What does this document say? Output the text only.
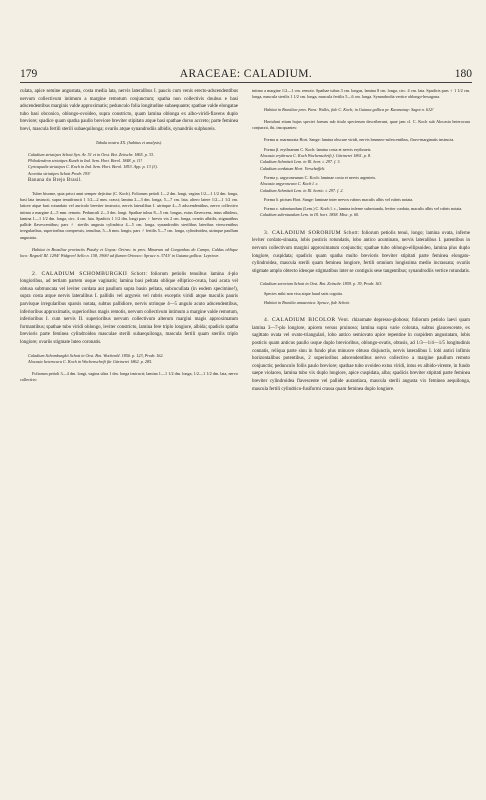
179	ARACEAE: CALADIUM.	180

culata, apice semine angustata, costa media lata, nervis lateralibus I. paucis cum venis erecto-adscendentibus nervum collectivum intimum a margine remotum conjunctum; spatha non collectivis doubus e basi adscendentibus marginis valde approximatis; pedunculo folia longitudine subaequante; spathae valde elongatae tubo basi obconico, oblongo-ovoideo, supra constricto, quam lamina oblonga ex albo-viridi-flavens duplo breviore; spadice quam spatha paullo breviore breviter stipitato atque basi spathae dorso accreto; parte feminea brevi, mascula fertili sterili subaequilonga; ovariis atque synandrodiis albidis, synandriis sulphureis.

Tabula nostra XX. (habitus et analysis).

Caladium striatipes Schott Syn. Ar. 51 et in Oest. Bot. Zeitschr. 1865. p. 33.

Philodendron striatipes Kunth in Ind. Sem. Hort. Berol. 1848. p. 11!

Cyrtospadix striatipes C. Koch in Ind. Sem. Hort. Berol. 1853. App. p. 13 (3).

Aconitia striatipes Schott Prodr. 193!

Banana do Brejo Brasil.

Tuber bisome, quia prisci anni semper dejicitur (C. Koch). Foliorum petioli 1—2 dm. longi, vagina 1/2—1 1/2 dm. longa, basi lata instructi, supra tenuifrancii 1 1/2—2 mm. crassi; lamina 2—3 dm. longa, 5—7 cm. lata, altero latere 1/2—1 1/2 cm. latiore atque basi rotundato vel auriculo breviter instructo, nervis lateralibus I. utrinque 4—5 adscendentibus, nervo collectivo intimo a margine 4—5 mm. remoto. Pedunculi 2—3 dm. longi. Spathae tubus 8—5 cm. longus, extus flavescens, intus albideus, lamina 1—1 1/2 dm. longa, circ. 4 cm. lata. Spadicis 1 1/2 dm. longi pars ♀ brevis vix 2 cm. longa, ovariis albidis, stigmatibus pallide flavescentibus; pars ♂ sterilis angusta cylindrica 4—5 cm. longa, synandrodiis sterilibus lateribus virescentibus irregularibus, superioribus compressis, tenuibus, 5—6 mm. longis; pars ♂ fertilis 5—7 cm. longa, cylindroidea, utrinque paullum angustata.

Habitat in Brasiliae provinciis Piauhy et Goyaz: Oeiras: in prov. Minarum ad Congonhas do Campo, Caldas oblique loco: Regnell III. 1294! Widgren! Sello n. 158, 1906! ad flumen Orinoco: Spruce n. 3741! in Guiana gallica: Leprieur.

2. CALADIUM SCHOMBURGKII Schott: foliorum petiolis tenuibus lamina 4-plo longioribus, ad tertiam partem usque vaginatis; lamina basi peltata oblique elliptico-ovata, basi acuta vel obtusa subtruncata vel leviter cordata aut paullum supra basin peltata, subcucullata (in eodem specimine!), supra costa atque nervis lateralibus I. pallidis vel argyreis vel rubris exceptis viridi atque maculis pauris parvisque irregularibus sparsis notata, subtus pallidiore, nervis utrinque 4—5 angulo acuto adscendentibus, inferioribus approximatis, superioribus magis remotis, nervum collectivum intimum a margine valde remotum, inferioribus I. cum nervis II. superioribus nervum collectivum alterum margini magis approximatum formantibus; spathae tubo viridi oblongo, leviter constricto, lamina fere triplo longiore, albida; spadicis spatha brevioris parte feminea cylindroidea masculae sterili subaequilonga, mascula fertili quam sterilis triplo longiore; ovariis stigmate luteo coronatis.

Caladium Schomburgkii Schott in Oest. Bot. Wochenbl. 1856. p. 123, Prodr. 162.

Alocasia heterocura C. Koch in Wochenschrift für Gärtnerei 1862. p. 285.

Foliorum petioli 3—4 dm. longi, vagina ultra 1 dm. longa instructi; lamina 1—1 1/2 dm. longa, 1/2—1 1/2 dm. lata, nervo collectivo

intimo a margine 1/2—1 cm. remoto. Spathae tubus 3 cm. longus, lamina 8 cm. longa, circ. 4 cm. lata. Spadicis pars ♀ 1 1/2 cm. longa, mascula sterilis 1 1/2 cm. longa, mascula fertilis 5—6 cm. longa. Synandrodia vertice oblongo-hexagona.

Habitat in Brasiliae prov. Para: Wallis, fide C. Koch; in Guiana gallica pr. Kaomanay: Sagot n. 612!

Hortulani etiam hujus speciei formas sub titulo specierum describerunt, quae jam cl. C. Koch sub Alocasia heterocura conjunxit, ibi, inscquantes:

Forma α. marmorata Hort. Sange: lamina obscure viridi, nervis brunneo-rufescentibus, flavo-marginatis instructa.

Forma β. erythraeum C. Koch: lamina costa et nervis erythraeis.

Alocasia erythraea C. Koch Wochenschrift f. Gärtnerei 1861. p. 8.

Caladium Schmitzii Lem. in Ill. hort. t. 297. f. 3.

Caladium cordatum Hort. Verschaffelt.

Forma γ. argyroneurum C. Koch: laminae costa et nervis argenteis.

Alocasia argyroneura C. Koch l. c.

Caladium Schmitzii Lem. in Ill. hortic. t. 297. f. 2.

Forma δ. pictum Hort. Sange: laminae inter nervos rubros maculis albis vel rubris notata.

Forma ε. subrotundum (Lem.) C. Koch l. c., lamina inferne subrotunda, leviter cordata, maculis albis vel rubris notata.

Caladium subrotundum Lem. in Ill. hort. 1858. Misc. p. 60.

3. CALADIUM SORORIUM Schott: foliorum petiolis tenui, longo; lamina ovata, inferne leviter cordato-sinuata, lobis posticis rotundatis, lobo antico acuminato, nervis lateralibus I. patentibus in nervum collectivum margini approximatum conjunctis; spathae tubo oblongo-ellipsoideo, lamina plus duplo longiore, cuspidata; spadicis quam spatha multo brevioris breviter stipitati parte feminea elongato-cylindroidea, mascula sterili quam feminea longiore, fertili omnium longissima medio incrassata; ovariis stigmate amplo obtecto ideoque stigmatibus inter se contiguis sese tangentibus; synandrodiis vertice rotundatis.

Caladium sororium Schott in Oest. Bot. Zeitschr. 1859. p. 39, Prodr. 163.

Species mihi non visa atque haud satis cognita.

Habitat in Brasilia amazonica: Spruce, fide Schott.

4. CALADIUM BICOLOR Vent. rhizomate depresso-globoso; foliorum petiolo laevi quam lamina 3—7-plo longiore, apicem versus pruinoso; lamina supra varie colorata, subtus glaucescente, ex sagittato ovata vel ovato-triangulari, lobo antico semiovato apice repentine in cuspidem angustatam, lobis posticis quam anticus paullo usque duplo brevioribus, oblongo-ovatis, obtusis, ad 1/3—1/4—1/5 longitudinis connatis, reliqua parte sinu in fundo plus minusve obtuso disjunctis, nervis lateralibus I. lobi antici infimis horizontalibus potentibus, 2 superioribus adscendentibus nervo collectivo a margine paullum remoto conjunctis; pedunculo foliis paulo breviore; spathae tubo ovoideo extus viridi, intus ex albido-virente, in fundo saepe violaceo, lamina tubo vix duplo longiore, apice cuspidata, alba; spadicis breviter stipitati parte feminea breviter cylindroidea flavescente vel pallide aurantiaca, mascula sterili angusta vix feminea aequilonga, mascula fertili cylindrico-fusiformi crassa quam feminea duplo longiore.
